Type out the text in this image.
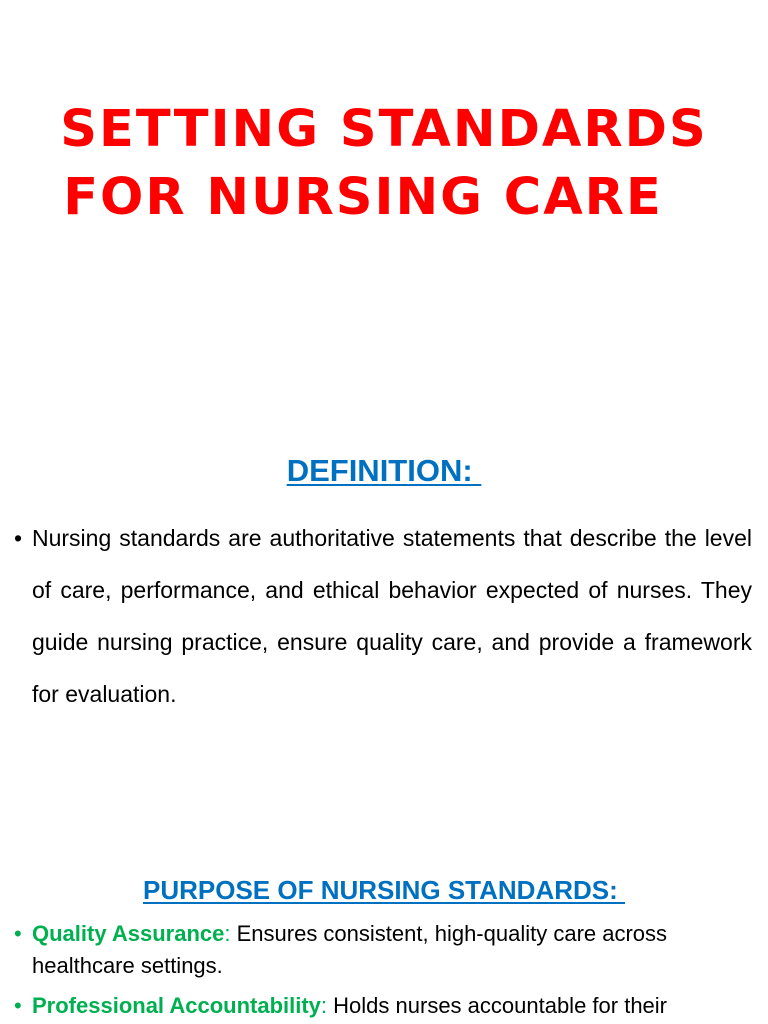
SETTING STANDARDS
FOR NURSING CARE
DEFINITION:
• Nursing standards are authoritative statements that describe the level of care, performance, and ethical behavior expected of nurses. They guide nursing practice, ensure quality care, and provide a framework for evaluation.

PURPOSE OF NURSING STANDARDS:
• Quality Assurance: Ensures consistent, high-quality care across healthcare settings.

• Professional Accountability: Holds nurses accountable for their
